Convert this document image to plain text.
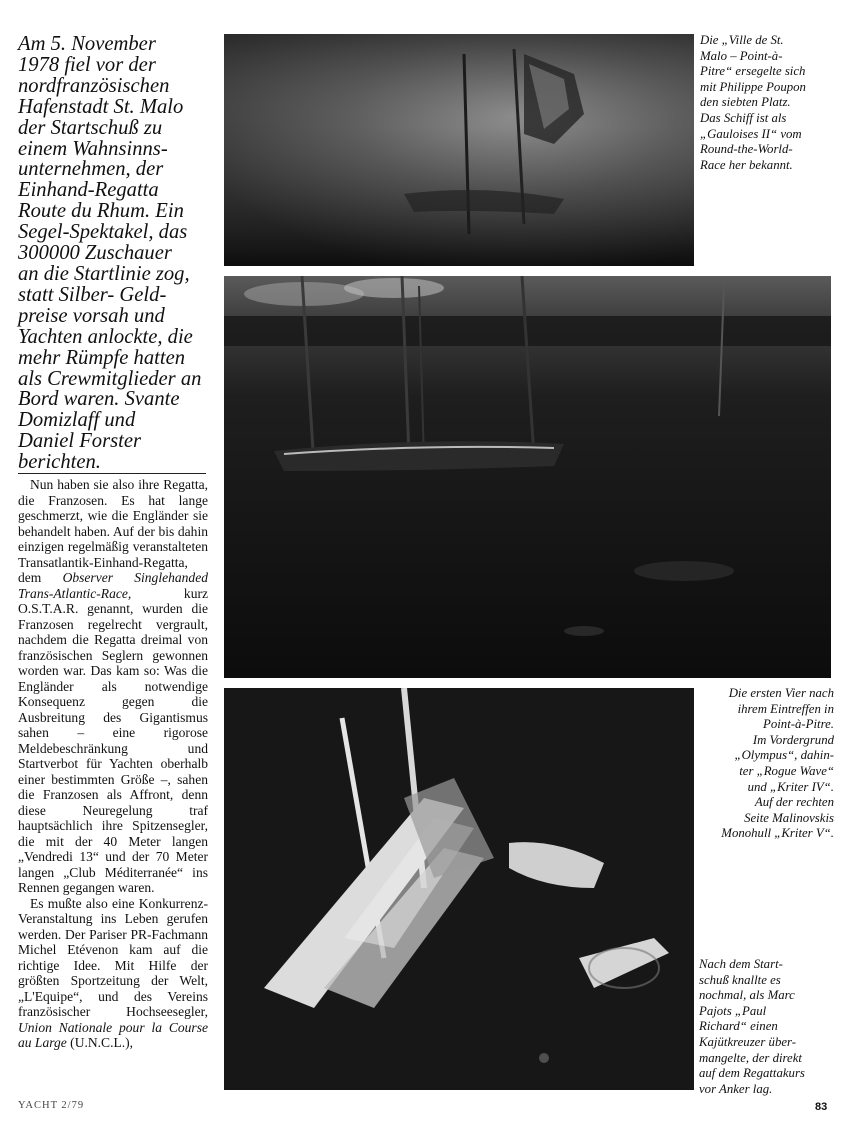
Am 5. November
1978 fiel vor der
nordfranzösischen
Hafenstadt St. Malo
der Startschuß zu
einem Wahnsinns-
unternehmen, der
Einhand-Regatta
Route du Rhum. Ein
Segel-Spektakel, das
300000 Zuschauer
an die Startlinie zog,
statt Silber- Geld-
preise vorsah und
Yachten anlockte, die
mehr Rümpfe hatten
als Crewmitglieder an
Bord waren. Svante
Domizlaff und
Daniel Forster
berichten.

Nun haben sie also ihre Regatta, die Franzosen. Es hat lange geschmerzt, wie die Engländer sie behandelt haben. Auf der bis dahin einzigen regelmäßig veranstalteten Transatlantik-Einhand-Regatta, dem Observer Singlehanded Trans-Atlantic-Race, kurz O.S.T.A.R. genannt, wurden die Franzosen regelrecht vergrault, nachdem die Regatta dreimal von französischen Seglern gewonnen worden war. Das kam so: Was die Engländer als notwendige Konsequenz gegen die Ausbreitung des Gigantismus sahen – eine rigorose Meldebeschränkung und Startverbot für Yachten oberhalb einer bestimmten Größe –, sahen die Franzosen als Affront, denn diese Neuregelung traf hauptsächlich ihre Spitzensegler, die mit der 40 Meter langen „Vendredi 13“ und der 70 Meter langen „Club Méditerranée“ ins Rennen gegangen waren.

Es mußte also eine Konkurrenz-Veranstaltung ins Leben gerufen werden. Der Pariser PR-Fachmann Michel Etévenon kam auf die richtige Idee. Mit Hilfe der größten Sportzeitung der Welt, „L'Equipe“, und des Vereins französischer Hochseesegler, Union Nationale pour la Course au Large (U.N.C.L.),

Die „Ville de St.
Malo – Point-à-
Pitre“ ersegelte sich
mit Philippe Poupon
den siebten Platz.
Das Schiff ist als
„Gauloises II“ vom
Round-the-World-
Race her bekannt.
Die ersten Vier nach
ihrem Eintreffen in
Point-à-Pitre.
Im Vordergrund
„Olympus“, dahin-
ter „Rogue Wave“
und „Kriter IV“.
Auf der rechten
Seite Malinovskis
Monohull „Kriter V“.
Nach dem Start-
schuß knallte es
nochmal, als Marc
Pajots „Paul
Richard“ einen
Kajütkreuzer über-
mangelte, der direkt
auf dem Regattakurs
vor Anker lag.
YACHT 2/79	83
